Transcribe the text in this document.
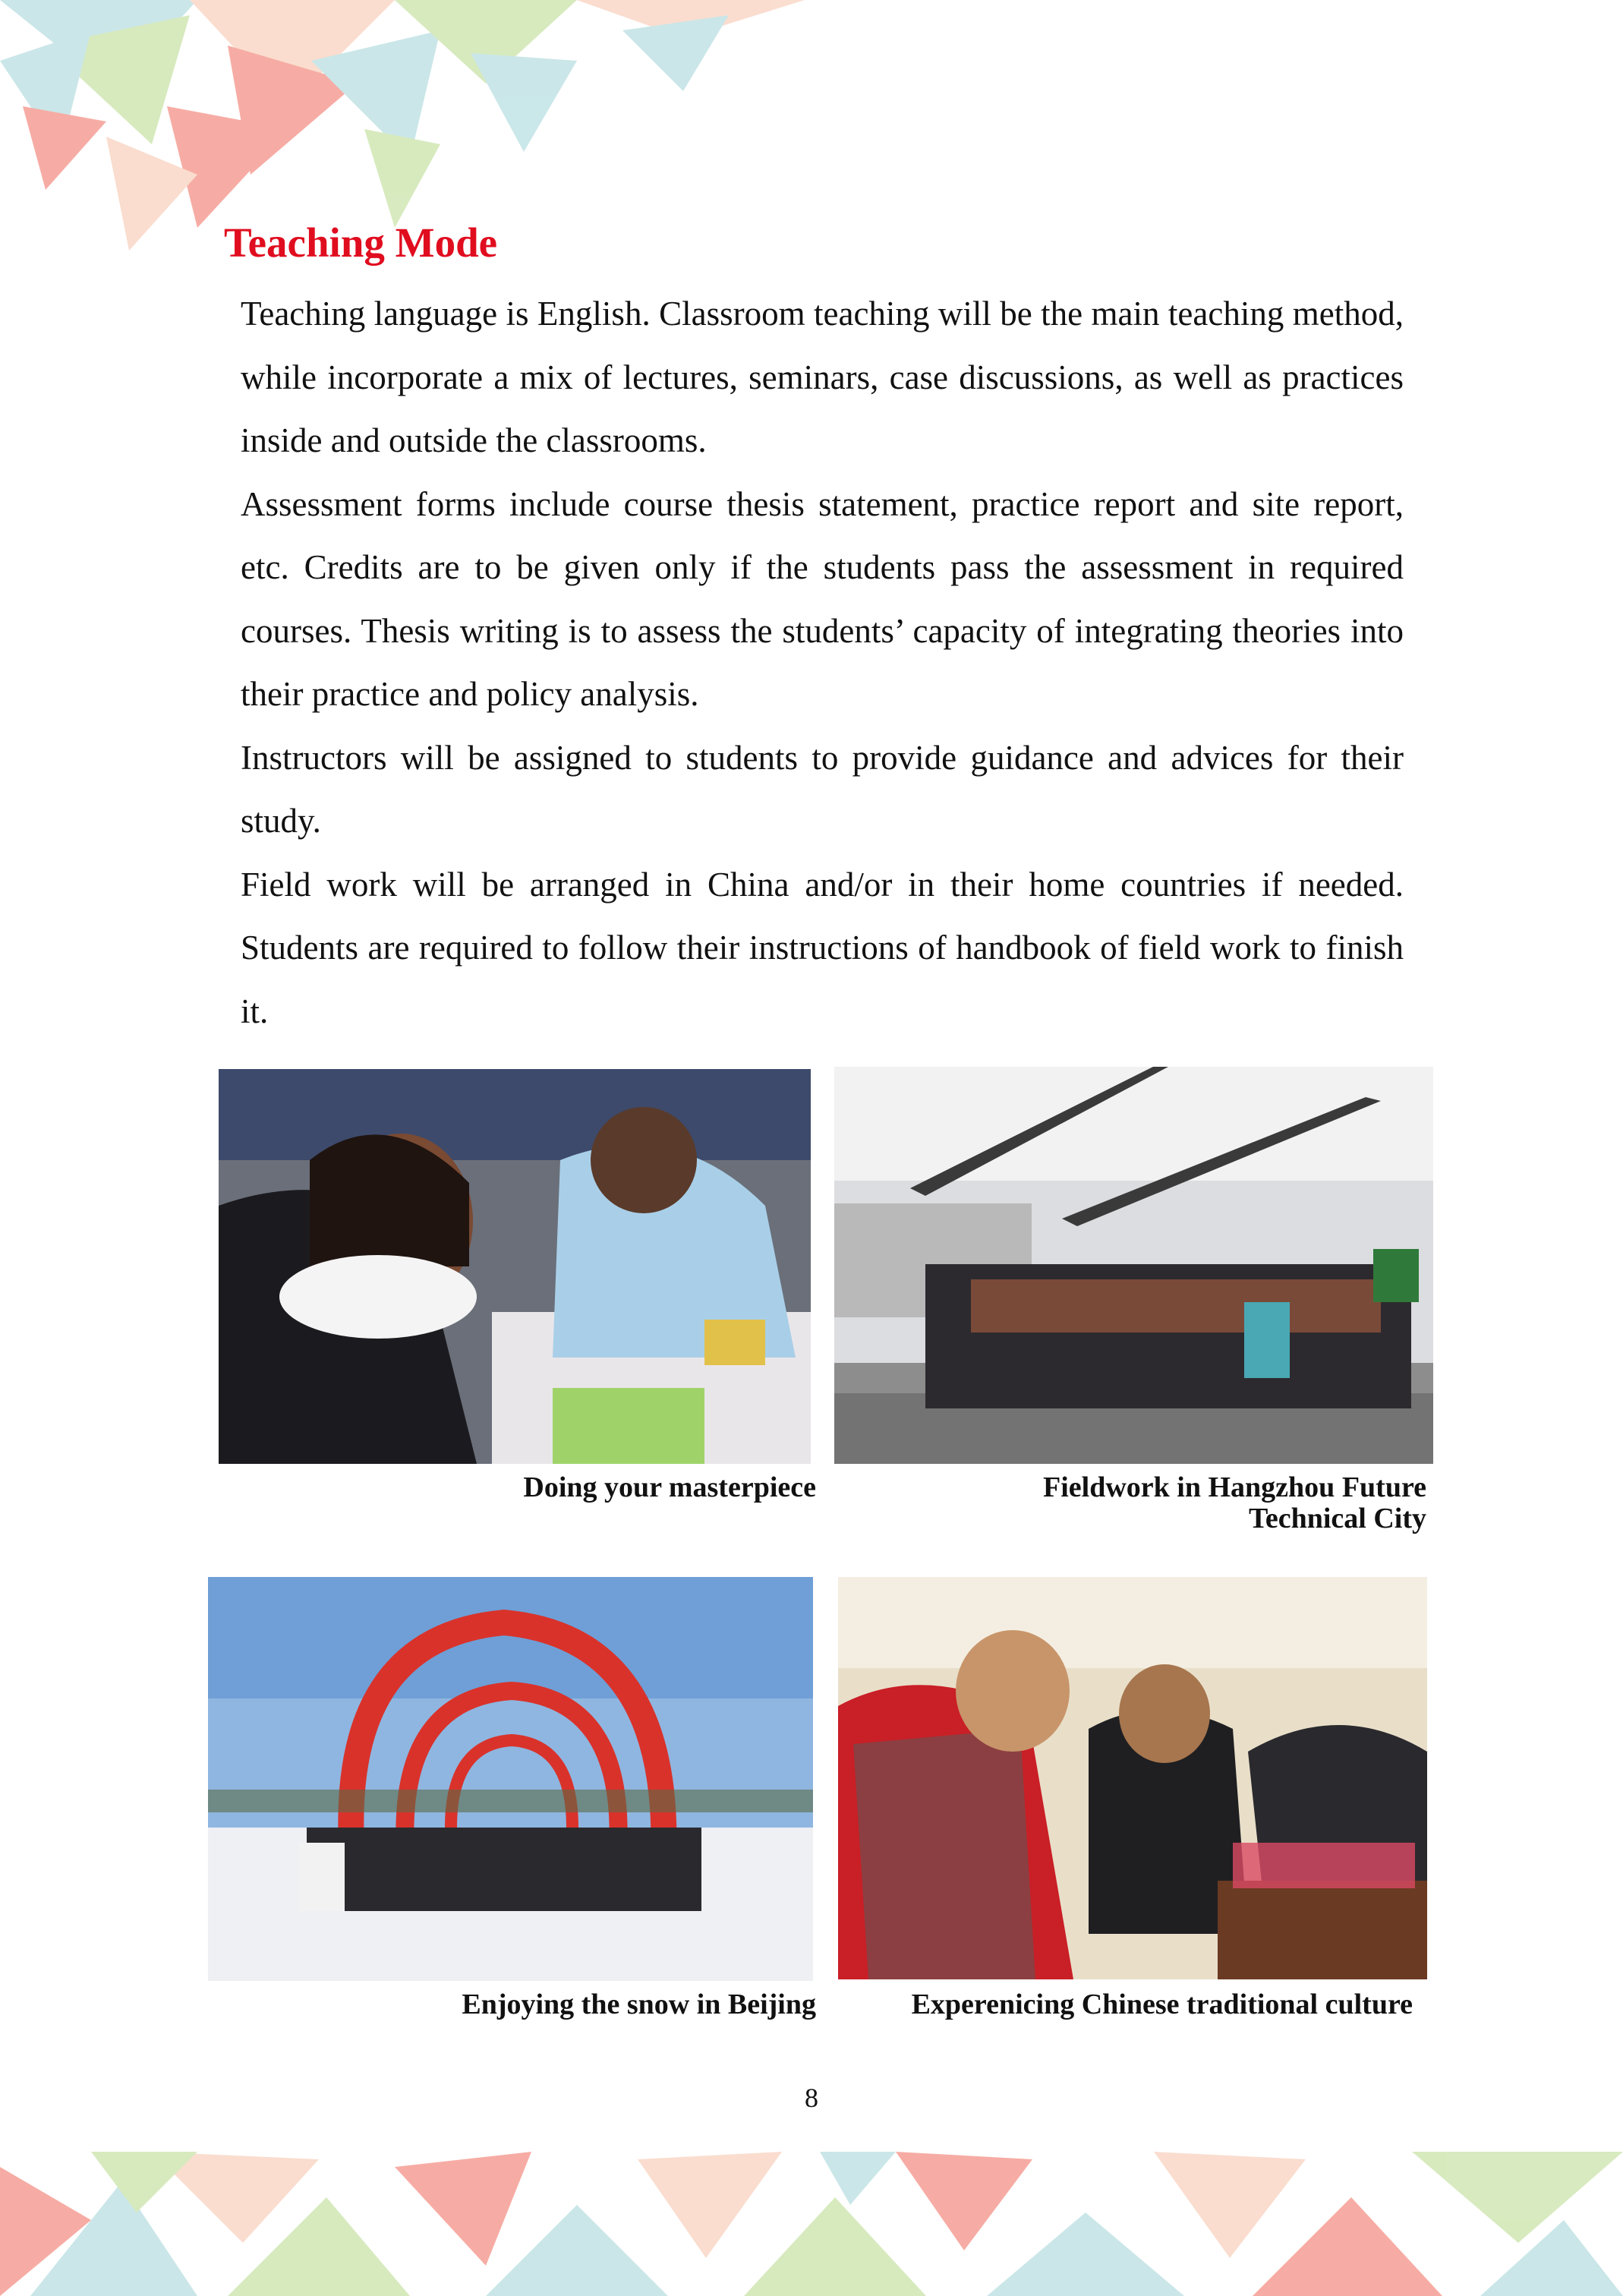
Teaching Mode

Teaching language is English. Classroom teaching will be the main teaching method, while incorporate a mix of lectures, seminars, case discussions, as well as practices inside and outside the classrooms.

Assessment forms include course thesis statement, practice report and site report, etc. Credits are to be given only if the students pass the assessment in required courses. Thesis writing is to assess the students’ capacity of integrating theories into their practice and policy analysis.

Instructors will be assigned to students to provide guidance and advices for their study.

Field work will be arranged in China and/or in their home countries if needed. Students are required to follow their instructions of handbook of field work to finish it.

Doing your masterpiece	Fieldwork in Hangzhou Future
Technical City
Enjoying the snow in Beijing	Experenicing Chinese traditional culture
8
